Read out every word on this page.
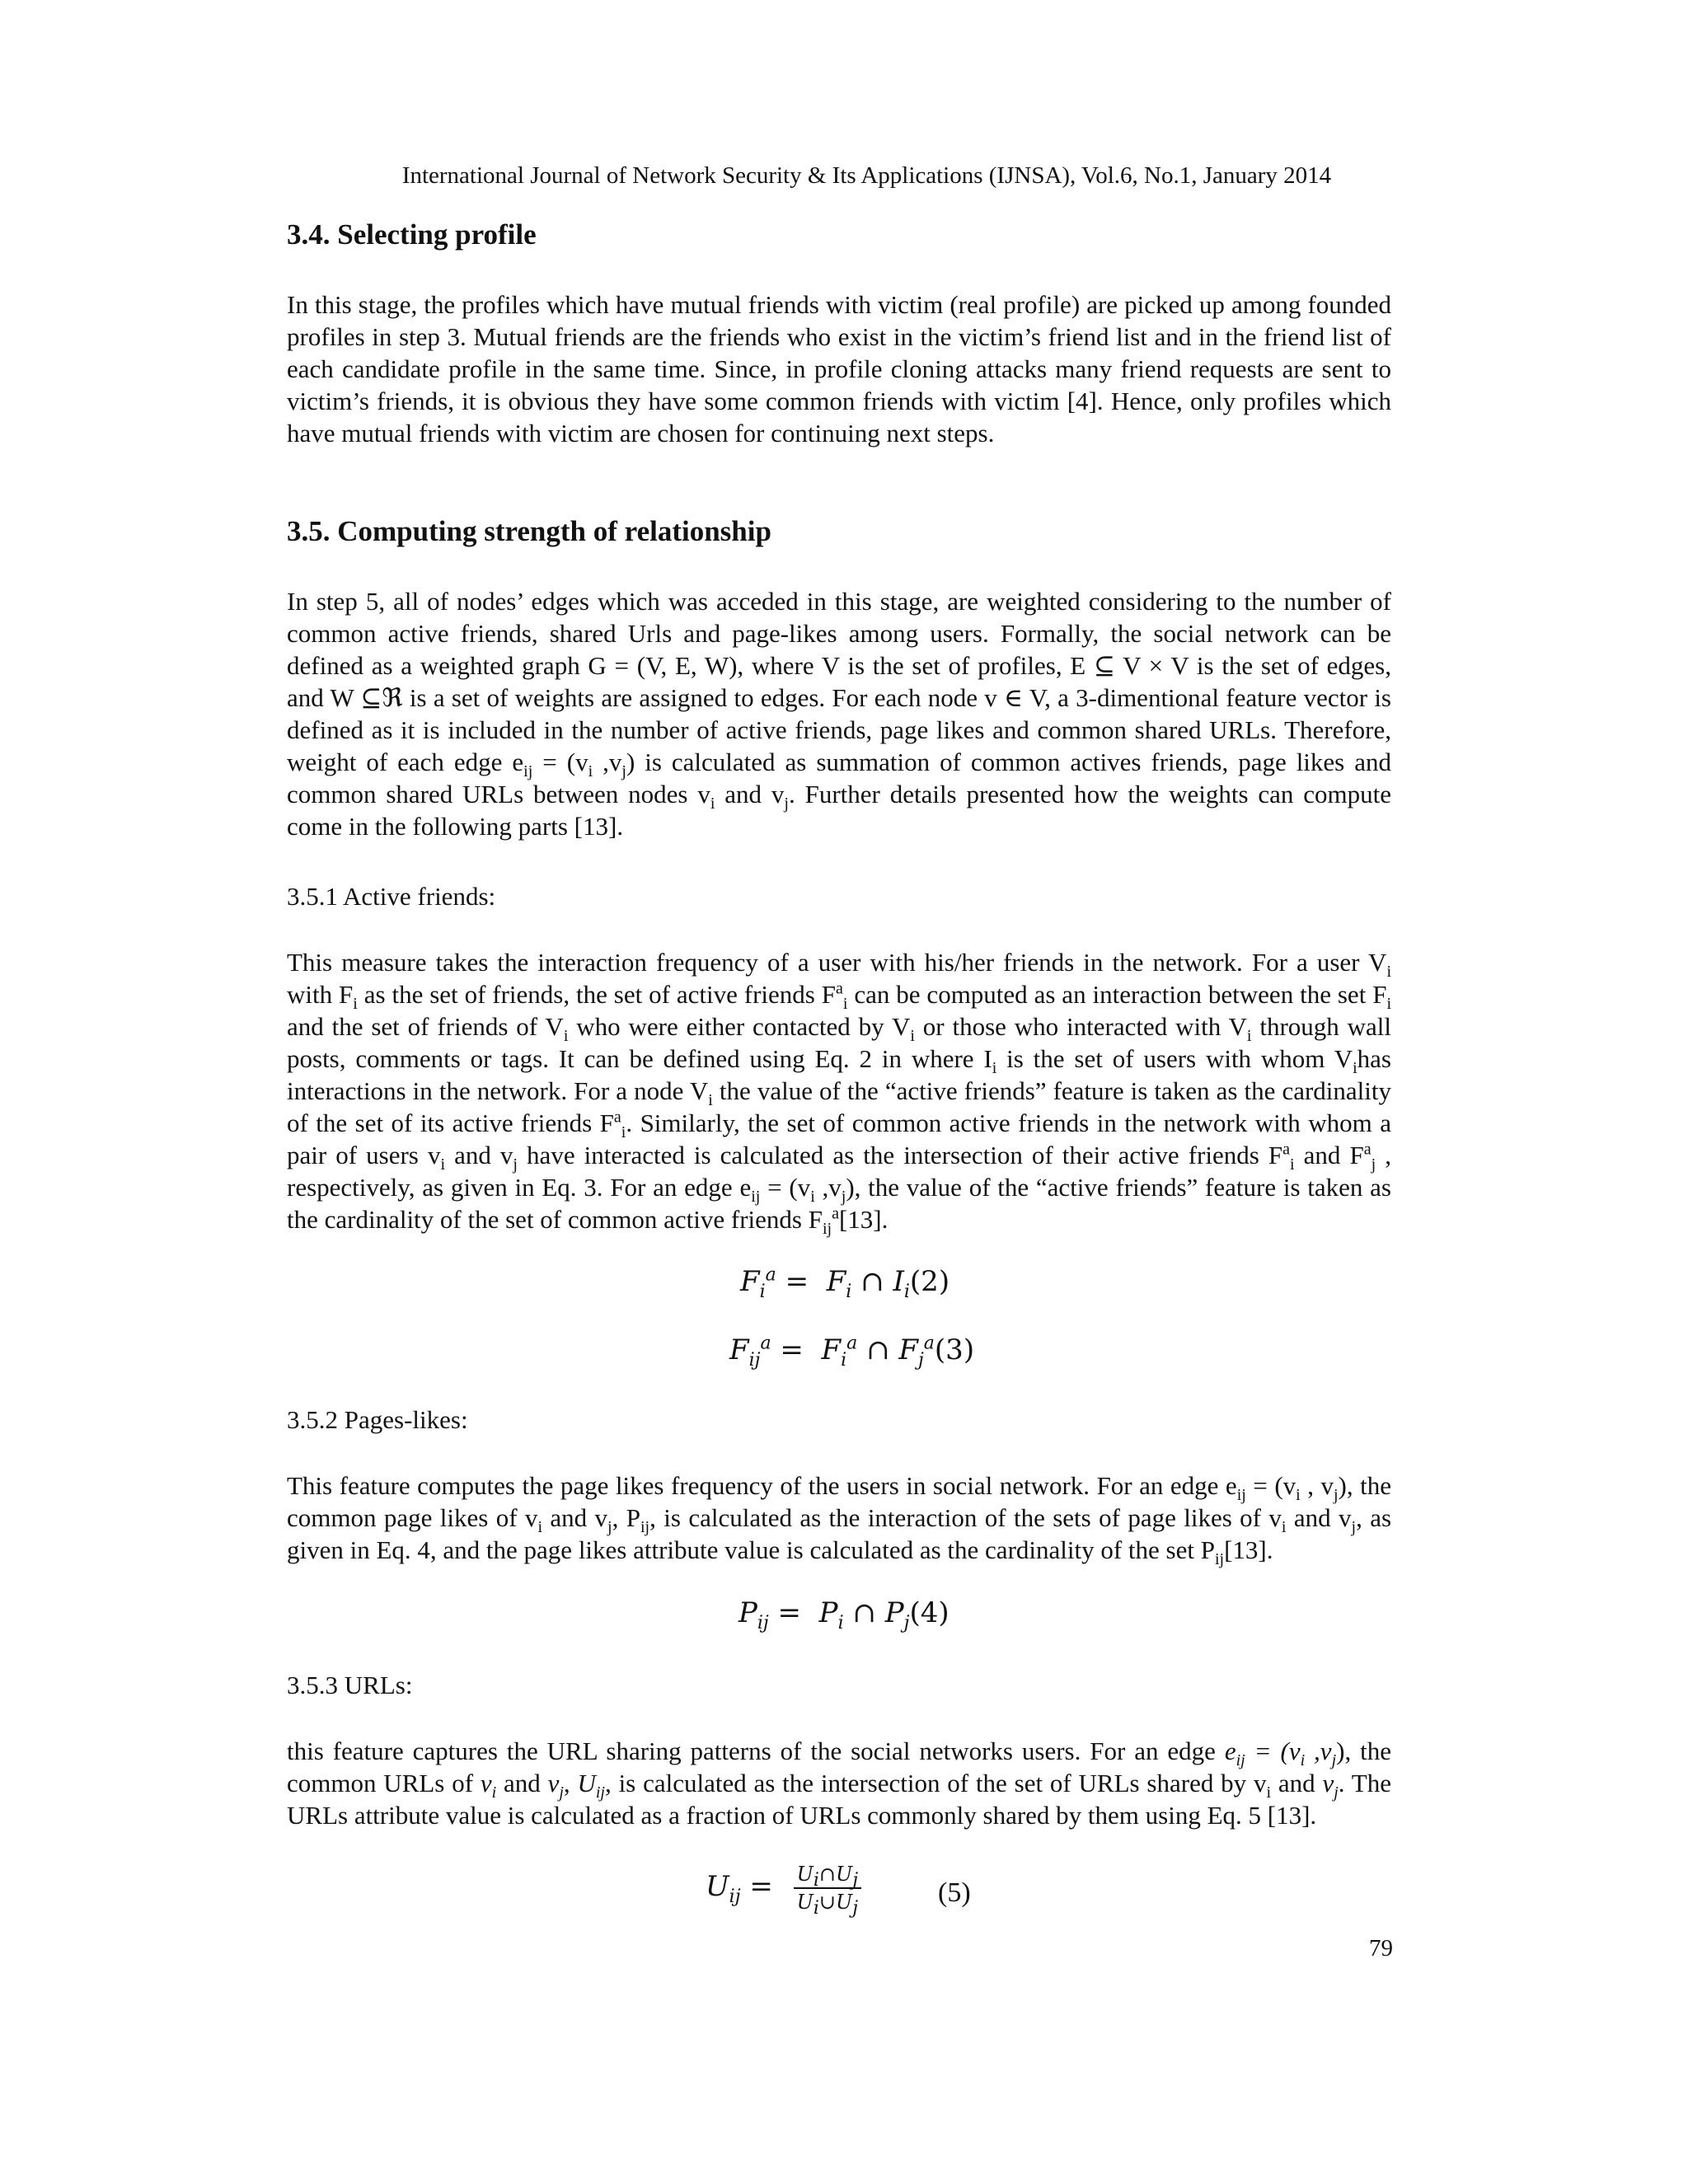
International Journal of Network Security & Its Applications (IJNSA), Vol.6, No.1, January 2014
3.4. Selecting profile

In this stage, the profiles which have mutual friends with victim (real profile) are picked up among founded profiles in step 3. Mutual friends are the friends who exist in the victim’s friend list and in the friend list of each candidate profile in the same time. Since, in profile cloning attacks many friend requests are sent to victim’s friends, it is obvious they have some common friends with victim [4]. Hence, only profiles which have mutual friends with victim are chosen for continuing next steps.

3.5. Computing strength of relationship

In step 5, all of nodes’ edges which was acceded in this stage, are weighted considering to the number of common active friends, shared Urls and page-likes among users. Formally, the social network can be defined as a weighted graph G = (V, E, W), where V is the set of profiles, E ⊆ V × V is the set of edges, and W ⊆ℜ is a set of weights are assigned to edges. For each node v ∈ V, a 3-dimentional feature vector is defined as it is included in the number of active friends, page likes and common shared URLs. Therefore, weight of each edge $e_{ij} = (v_i$ $,v_j$) is calculated as summation of common actives friends, page likes and common shared URLs between nodes $v_i$ and $v_j$. Further details presented how the weights can compute come in the following parts [13].

3.5.1 Active friends:

This measure takes the interaction frequency of a user with his/her friends in the network. For a user $V_i$ with $F_i$ as the set of friends, the set of active friends $F^a_i$ can be computed as an interaction between the set $F_i$ and the set of friends of $V_i$ who were either contacted by $V_i$ or those who interacted with $V_i$ through wall posts, comments or tags. It can be defined using Eq. 2 in where $I_i$ is the set of users with whom $V_ihas$ interactions in the network. For a node $V_i$ the value of the “active friends” feature is taken as the cardinality of the set of its active friends $F^a_i$. Similarly, the set of common active friends in the network with whom a pair of users $v_i$ and $v_j$ have interacted is calculated as the intersection of their active friends $F^a_i$ and $F^a_j$ , respectively, as given in Eq. 3. For an edge $e_{ij} = (v_i$ $,v_j$), the value of the “active friends” feature is taken as the cardinality of the set of common active friends $F_{ij}^a[13]$.

$F_i^a = F_i$ ∩ $I_i(2)$
$F_{ij}^a = F_i^a$ ∩ $F_j^a(3)$

3.5.2 Pages-likes:

This feature computes the page likes frequency of the users in social network. For an edge $e_{ij} = (v_i$ , $v_j$), the common page likes of $v_i$ and $v_j$, $P_{ij}$, is calculated as the interaction of the sets of page likes of $v_i$ and $v_j$, as given in Eq. 4, and the page likes attribute value is calculated as the cardinality of the set $P_{ij}[13]$.

$P_{ij} = P_i$ ∩ $P_j(4)$

3.5.3 URLs:

this feature captures the URL sharing patterns of the social networks users. For an edge $e_{ij} = (v_i$ $,v_j$), the common URLs of $v_i$ and $v_j$, $U_{ij}$, is calculated as the intersection of the set of URLs shared by $v_i$ and $v_j$. The URLs attribute value is calculated as a fraction of URLs commonly shared by them using Eq. 5 [13].

$U_{ij} = \frac{U_i\cap U_j}{U_i\cup U_j}$	(5)
79
